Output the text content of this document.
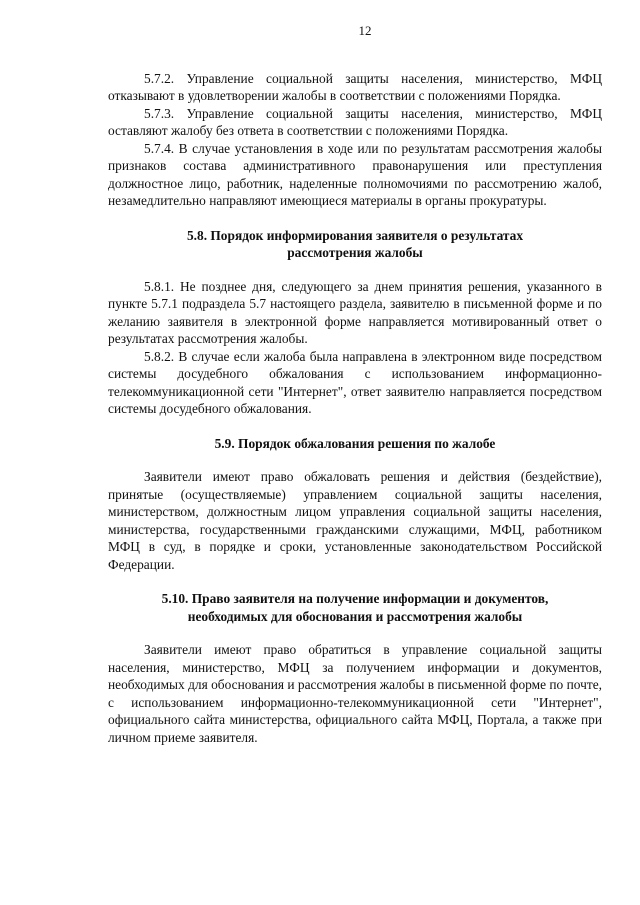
12

5.7.2. Управление социальной защиты населения, министерство, МФЦ отказывают в удовлетворении жалобы в соответствии с положениями Порядка.

5.7.3. Управление социальной защиты населения, министерство, МФЦ оставляют жалобу без ответа в соответствии с положениями Порядка.

5.7.4. В случае установления в ходе или по результатам рассмотрения жалобы признаков состава административного правонарушения или преступления должностное лицо, работник, наделенные полномочиями по рассмотрению жалоб, незамедлительно направляют имеющиеся материалы в органы прокуратуры.

5.8. Порядок информирования заявителя о результатах
рассмотрения жалобы

5.8.1. Не позднее дня, следующего за днем принятия решения, указанного в пункте 5.7.1 подраздела 5.7 настоящего раздела, заявителю в письменной форме и по желанию заявителя в электронной форме направляется мотивированный ответ о результатах рассмотрения жалобы.

5.8.2. В случае если жалоба была направлена в электронном виде посредством системы досудебного обжалования с использованием информационно-телекоммуникационной сети "Интернет", ответ заявителю направляется посредством системы досудебного обжалования.

5.9. Порядок обжалования решения по жалобе

Заявители имеют право обжаловать решения и действия (бездействие), принятые (осуществляемые) управлением социальной защиты населения, министерством, должностным лицом управления социальной защиты населения, министерства, государственными гражданскими служащими, МФЦ, работником МФЦ в суд, в порядке и сроки, установленные законодательством Российской Федерации.

5.10. Право заявителя на получение информации и документов,
необходимых для обоснования и рассмотрения жалобы

Заявители имеют право обратиться в управление социальной защиты населения, министерство, МФЦ за получением информации и документов, необходимых для обоснования и рассмотрения жалобы в письменной форме по почте, с использованием информационно-телекоммуникационной сети "Интернет", официального сайта министерства, официального сайта МФЦ, Портала, а также при личном приеме заявителя.
